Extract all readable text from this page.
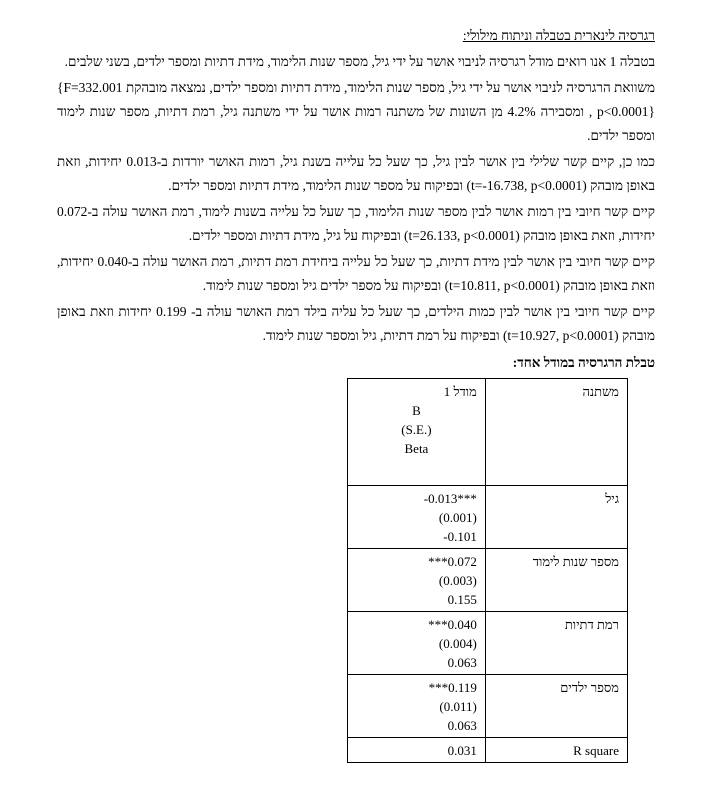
רגרסיה לינארית בטבלה וניתוח מילולי:

בטבלה 1 אנו רואים מודל רגרסיה לניבוי אושר על ידי גיל, מספר שנות הלימוד, מידת דתיות ומספר ילדים, בשני שלבים.

משוואת הרגרסיה לניבוי אושר על ידי גיל, מספר שנות הלימוד, מידת דתיות ומספר ילדים, נמצאה מובהקת ‎{F=332.001 , p<0.0001}‎ ומסבירה 4.2% מן השונות של משתנה רמות אושר על ידי משתנה גיל, רמת דתיות, מספר שנות לימוד ומספר ילדים.

כמו כן, קיים קשר שלילי בין אושר לבין גיל, כך שעל כל עלייה בשנת גיל, רמות האושר יורדות ב-0.013 יחידות, וזאת באופן מובהק ‎(t=-16.738, p<0.0001)‎ ובפיקוח על מספר שנות הלימוד, מידת דתיות ומספר ילדים.

קיים קשר חיובי בין רמות אושר לבין מספר שנות הלימוד, כך שעל כל עלייה בשנות לימוד, רמת האושר עולה ב-0.072 יחידות, וזאת באופן מובהק ‎(t=26.133, p<0.0001)‎ ובפיקוח על גיל, מידת דתיות ומספר ילדים.

קיים קשר חיובי בין אושר לבין מידת דתיות, כך שעל כל עלייה ביחידת רמת דתיות, רמת האושר עולה ב-0.040 יחידות, וזאת באופן מובהק ‎(t=10.811, p<0.0001)‎ ובפיקוח על מספר ילדים גיל ומספר שנות לימוד.

קיים קשר חיובי בין אושר לבין כמות הילדים, כך שעל כל עליה בילד רמת האושר עולה ב- 0.199 יחידות וזאת באופן מובהק ‎(t=10.927, p<0.0001)‎ ובפיקוח על רמת דתיות, גיל ומספר שנות לימוד.

טבלת הרגרסיה במודל אחד:
משתנה	מודל 1
B
(S.E.)
Beta

גיל	-0.013***
(0.001)
-0.101

מספר שנות לימוד	***0.072
(0.003)
0.155

רמת דתיות	***0.040
(0.004)
0.063

מספר ילדים	***0.119
(0.011)
0.063

R square	0.031
